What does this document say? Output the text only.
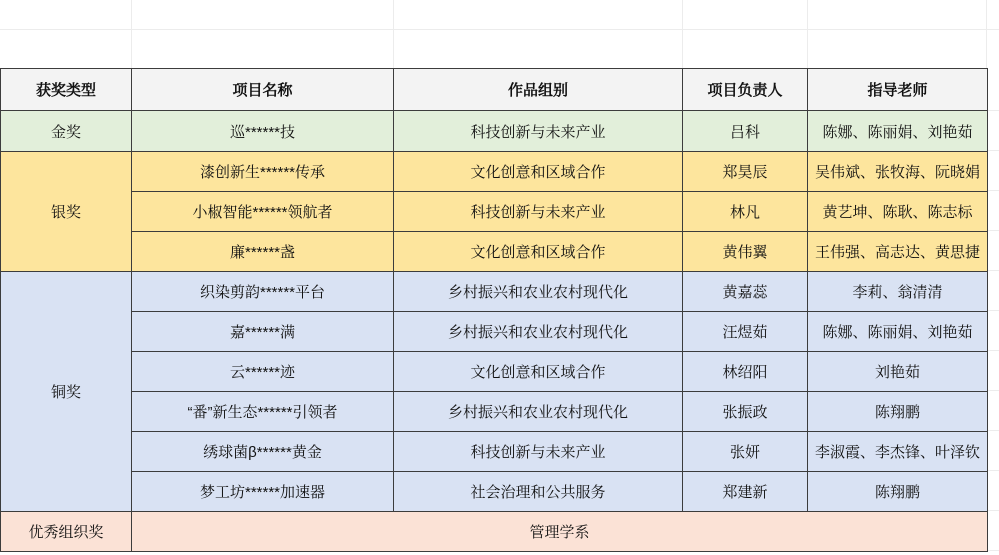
获奖类型	项目名称	作品组别	项目负责人	指导老师
金奖	巡******技	科技创新与未来产业	吕科	陈娜、陈丽娟、刘艳茹
银奖	漆创新生******传承	文化创意和区域合作	郑昊辰	吴伟斌、张牧海、阮晓娟
	小椒智能******领航者	科技创新与未来产业	林凡	黄艺坤、陈耿、陈志标
	廉******盏	文化创意和区域合作	黄伟翼	王伟强、高志达、黄思捷
铜奖	织染剪韵******平台	乡村振兴和农业农村现代化	黄嘉蕊	李莉、翁清清
	嘉******满	乡村振兴和农业农村现代化	汪煜茹	陈娜、陈丽娟、刘艳茹
	云******迹	文化创意和区域合作	林绍阳	刘艳茹
	“番”新生态******引领者	乡村振兴和农业农村现代化	张振政	陈翔鹏
	绣球菌β******黄金	科技创新与未来产业	张妍	李淑霞、李杰锋、叶泽钦
	梦工坊******加速器	社会治理和公共服务	郑建新	陈翔鹏
优秀组织奖	管理学系			
